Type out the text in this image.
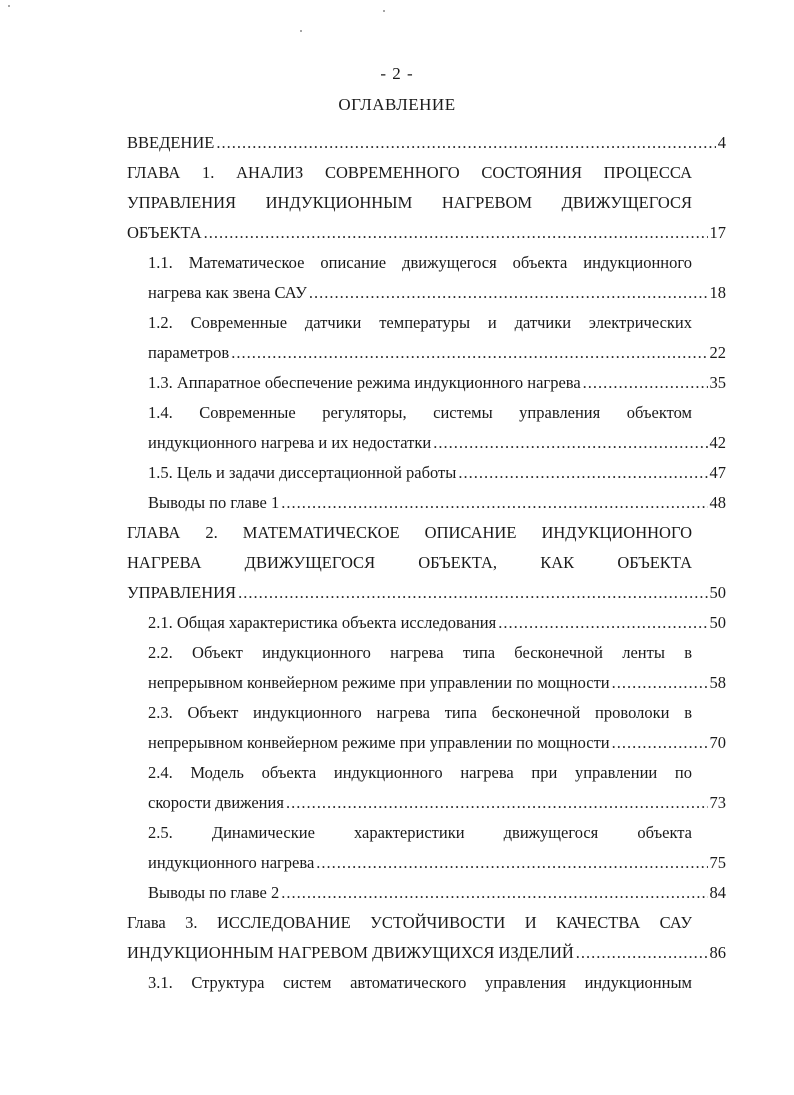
- 2 -
ОГЛАВЛЕНИЕ
ВВЕДЕНИЕ .....	4
ГЛАВА 1. АНАЛИЗ СОВРЕМЕННОГО СОСТОЯНИЯ ПРОЦЕССА
УПРАВЛЕНИЯ ИНДУКЦИОННЫМ НАГРЕВОМ ДВИЖУЩЕГОСЯ
ОБЪЕКТА .....	17
1.1. Математическое описание движущегося объекта индукционного
нагрева как звена САУ .....	18
1.2. Современные датчики температуры и датчики электрических
параметров .....	22
1.3. Аппаратное обеспечение режима индукционного нагрева .....	35
1.4. Современные регуляторы, системы управления объектом
индукционного нагрева и их недостатки .....	42
1.5. Цель и задачи диссертационной работы .....	47
Выводы по главе 1 .....	48
ГЛАВА 2. МАТЕМАТИЧЕСКОЕ ОПИСАНИЕ ИНДУКЦИОННОГО
НАГРЕВА ДВИЖУЩЕГОСЯ ОБЪЕКТА, КАК ОБЪЕКТА
УПРАВЛЕНИЯ .....	50
2.1. Общая характеристика объекта исследования .....	50
2.2. Объект индукционного нагрева типа бесконечной ленты в
непрерывном конвейерном режиме при управлении по мощности .....	58
2.3. Объект индукционного нагрева типа бесконечной проволоки в
непрерывном конвейерном режиме при управлении по мощности .....	70
2.4. Модель объекта индукционного нагрева при управлении по
скорости движения .....	73
2.5. Динамические характеристики движущегося объекта
индукционного нагрева .....	75
Выводы по главе 2 .....	84
Глава 3. ИССЛЕДОВАНИЕ УСТОЙЧИВОСТИ И КАЧЕСТВА САУ
ИНДУКЦИОННЫМ НАГРЕВОМ ДВИЖУЩИХСЯ ИЗДЕЛИЙ .....	86
3.1. Структура систем автоматического управления индукционным
